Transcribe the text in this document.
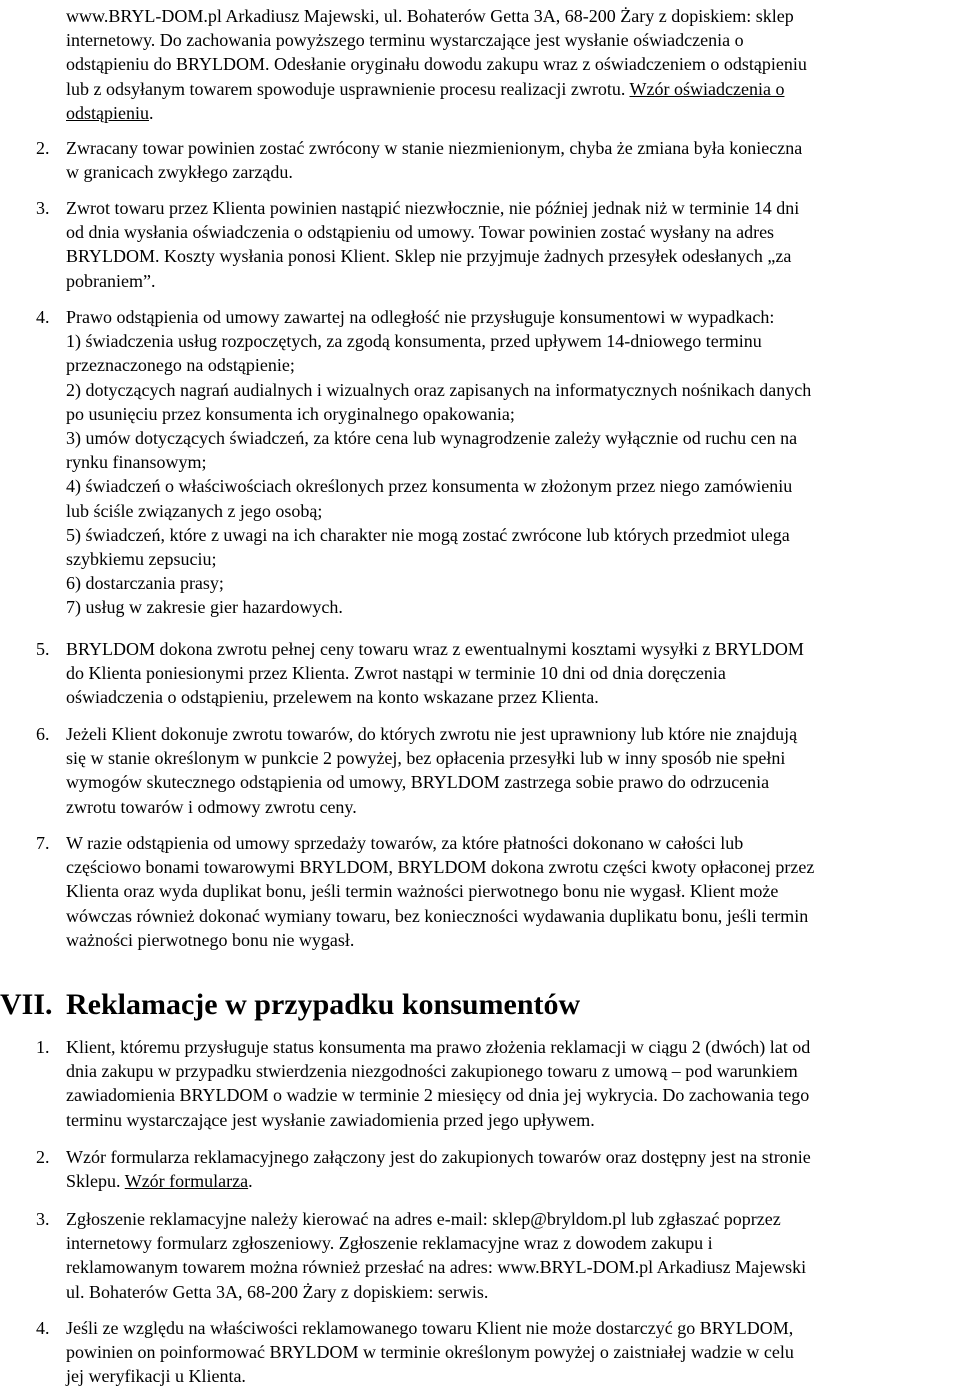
www.BRYL-DOM.pl Arkadiusz Majewski, ul. Bohaterów Getta 3A, 68-200 Żary z dopiskiem: sklep
internetowy. Do zachowania powyższego terminu wystarczające jest wysłanie oświadczenia o
odstąpieniu do BRYLDOM. Odesłanie oryginału dowodu zakupu wraz z oświadczeniem o odstąpieniu
lub z odsyłanym towarem spowoduje usprawnienie procesu realizacji zwrotu. Wzór oświadczenia o
odstąpieniu.
2. Zwracany towar powinien zostać zwrócony w stanie niezmienionym, chyba że zmiana była konieczna
w granicach zwykłego zarządu.
3. Zwrot towaru przez Klienta powinien nastąpić niezwłocznie, nie później jednak niż w terminie 14 dni
od dnia wysłania oświadczenia o odstąpieniu od umowy. Towar powinien zostać wysłany na adres
BRYLDOM. Koszty wysłania ponosi Klient. Sklep nie przyjmuje żadnych przesyłek odesłanych „za
pobraniem”.
4. Prawo odstąpienia od umowy zawartej na odległość nie przysługuje konsumentowi w wypadkach:
1) świadczenia usług rozpoczętych, za zgodą konsumenta, przed upływem 14-dniowego terminu
przeznaczonego na odstąpienie;
2) dotyczących nagrań audialnych i wizualnych oraz zapisanych na informatycznych nośnikach danych
po usunięciu przez konsumenta ich oryginalnego opakowania;
3) umów dotyczących świadczeń, za które cena lub wynagrodzenie zależy wyłącznie od ruchu cen na
rynku finansowym;
4) świadczeń o właściwościach określonych przez konsumenta w złożonym przez niego zamówieniu
lub ściśle związanych z jego osobą;
5) świadczeń, które z uwagi na ich charakter nie mogą zostać zwrócone lub których przedmiot ulega
szybkiemu zepsuciu;
6) dostarczania prasy;
7) usług w zakresie gier hazardowych.
5. BRYLDOM dokona zwrotu pełnej ceny towaru wraz z ewentualnymi kosztami wysyłki z BRYLDOM
do Klienta poniesionymi przez Klienta. Zwrot nastąpi w terminie 10 dni od dnia doręczenia
oświadczenia o odstąpieniu, przelewem na konto wskazane przez Klienta.
6. Jeżeli Klient dokonuje zwrotu towarów, do których zwrotu nie jest uprawniony lub które nie znajdują
się w stanie określonym w punkcie 2 powyżej, bez opłacenia przesyłki lub w inny sposób nie spełni
wymogów skutecznego odstąpienia od umowy, BRYLDOM zastrzega sobie prawo do odrzucenia
zwrotu towarów i odmowy zwrotu ceny.
7. W razie odstąpienia od umowy sprzedaży towarów, za które płatności dokonano w całości lub
częściowo bonami towarowymi BRYLDOM, BRYLDOM dokona zwrotu części kwoty opłaconej przez
Klienta oraz wyda duplikat bonu, jeśli termin ważności pierwotnego bonu nie wygasł. Klient może
wówczas również dokonać wymiany towaru, bez konieczności wydawania duplikatu bonu, jeśli termin
ważności pierwotnego bonu nie wygasł.
VII. Reklamacje w przypadku konsumentów
1. Klient, któremu przysługuje status konsumenta ma prawo złożenia reklamacji w ciągu 2 (dwóch) lat od
dnia zakupu w przypadku stwierdzenia niezgodności zakupionego towaru z umową – pod warunkiem
zawiadomienia BRYLDOM o wadzie w terminie 2 miesięcy od dnia jej wykrycia. Do zachowania tego
terminu wystarczające jest wysłanie zawiadomienia przed jego upływem.
2. Wzór formularza reklamacyjnego załączony jest do zakupionych towarów oraz dostępny jest na stronie
Sklepu. Wzór formularza.
3. Zgłoszenie reklamacyjne należy kierować na adres e-mail: sklep@bryldom.pl lub zgłaszać poprzez
internetowy formularz zgłoszeniowy. Zgłoszenie reklamacyjne wraz z dowodem zakupu i
reklamowanym towarem można również przesłać na adres: www.BRYL-DOM.pl Arkadiusz Majewski
ul. Bohaterów Getta 3A, 68-200 Żary z dopiskiem: serwis.
4. Jeśli ze względu na właściwości reklamowanego towaru Klient nie może dostarczyć go BRYLDOM,
powinien on poinformować BRYLDOM w terminie określonym powyżej o zaistniałej wadzie w celu
jej weryfikacji u Klienta.
